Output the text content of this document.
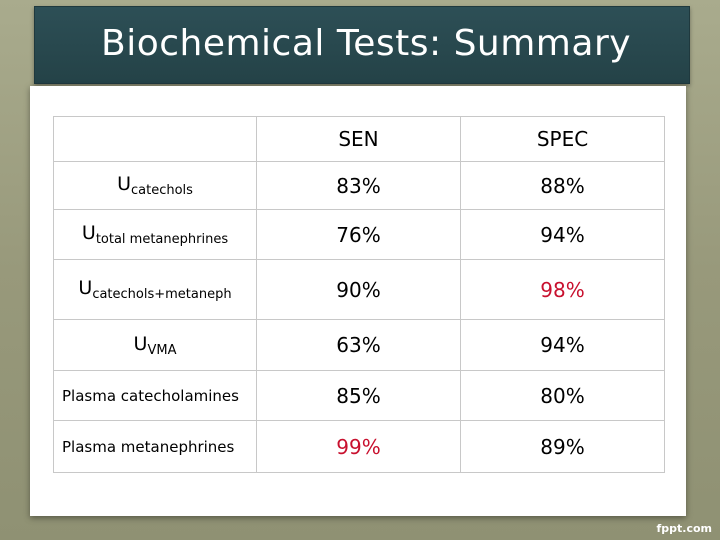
Biochemical Tests: Summary
	SEN	SPEC
$U_{catechols}$	83%	88%
$U_{total metanephrines}$	76%	94%
$U_{catechols+metaneph}$	90%	98%
$U_{VMA}$	63%	94%
Plasma catecholamines	85%	80%
Plasma metanephrines	99%	89%
fppt.com
